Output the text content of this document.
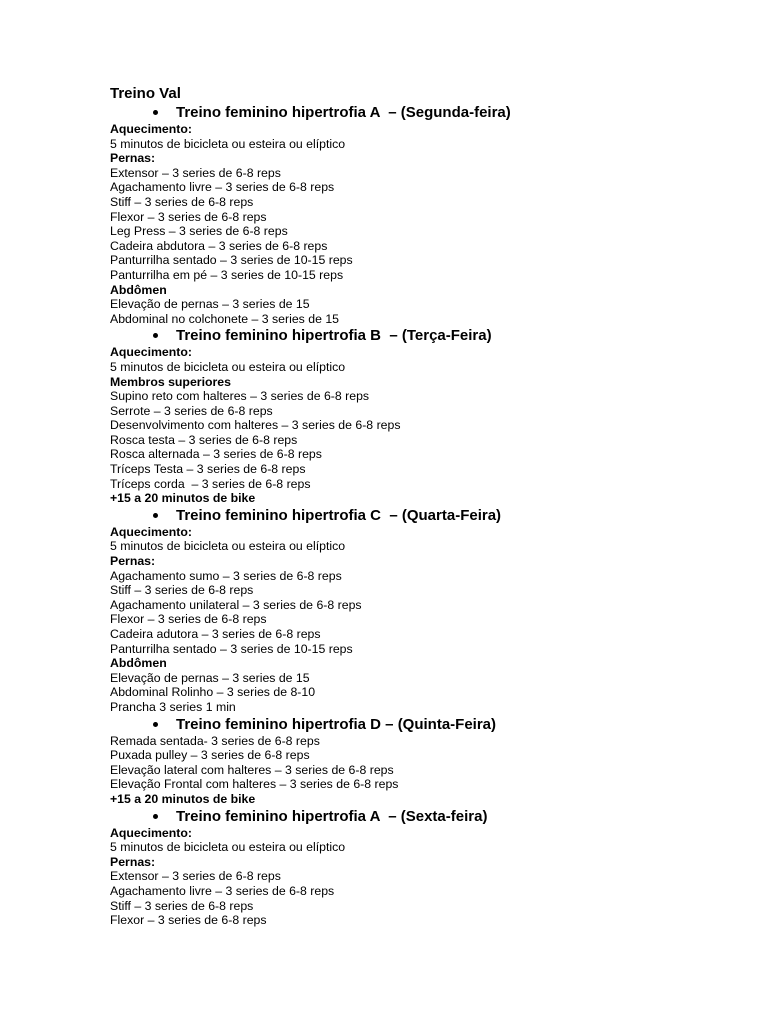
Treino Val
Treino feminino hipertrofia A  – (Segunda-feira)
Aquecimento:
5 minutos de bicicleta ou esteira ou elíptico
Pernas:
Extensor – 3 series de 6-8 reps
Agachamento livre – 3 series de 6-8 reps
Stiff – 3 series de 6-8 reps
Flexor – 3 series de 6-8 reps
Leg Press – 3 series de 6-8 reps
Cadeira abdutora – 3 series de 6-8 reps
Panturrilha sentado – 3 series de 10-15 reps
Panturrilha em pé – 3 series de 10-15 reps
Abdômen
Elevação de pernas – 3 series de 15
Abdominal no colchonete – 3 series de 15
Treino feminino hipertrofia B  – (Terça-Feira)
Aquecimento:
5 minutos de bicicleta ou esteira ou elíptico
Membros superiores
Supino reto com halteres – 3 series de 6-8 reps
Serrote – 3 series de 6-8 reps
Desenvolvimento com halteres – 3 series de 6-8 reps
Rosca testa – 3 series de 6-8 reps
Rosca alternada – 3 series de 6-8 reps
Tríceps Testa – 3 series de 6-8 reps
Tríceps corda  – 3 series de 6-8 reps
+15 a 20 minutos de bike
Treino feminino hipertrofia C  – (Quarta-Feira)
Aquecimento:
5 minutos de bicicleta ou esteira ou elíptico
Pernas:
Agachamento sumo – 3 series de 6-8 reps
Stiff – 3 series de 6-8 reps
Agachamento unilateral – 3 series de 6-8 reps
Flexor – 3 series de 6-8 reps
Cadeira adutora – 3 series de 6-8 reps
Panturrilha sentado – 3 series de 10-15 reps
Abdômen
Elevação de pernas – 3 series de 15
Abdominal Rolinho – 3 series de 8-10
Prancha 3 series 1 min
Treino feminino hipertrofia D – (Quinta-Feira)
Remada sentada- 3 series de 6-8 reps
Puxada pulley – 3 series de 6-8 reps
Elevação lateral com halteres – 3 series de 6-8 reps
Elevação Frontal com halteres – 3 series de 6-8 reps
+15 a 20 minutos de bike
Treino feminino hipertrofia A  – (Sexta-feira)
Aquecimento:
5 minutos de bicicleta ou esteira ou elíptico
Pernas:
Extensor – 3 series de 6-8 reps
Agachamento livre – 3 series de 6-8 reps
Stiff – 3 series de 6-8 reps
Flexor – 3 series de 6-8 reps
